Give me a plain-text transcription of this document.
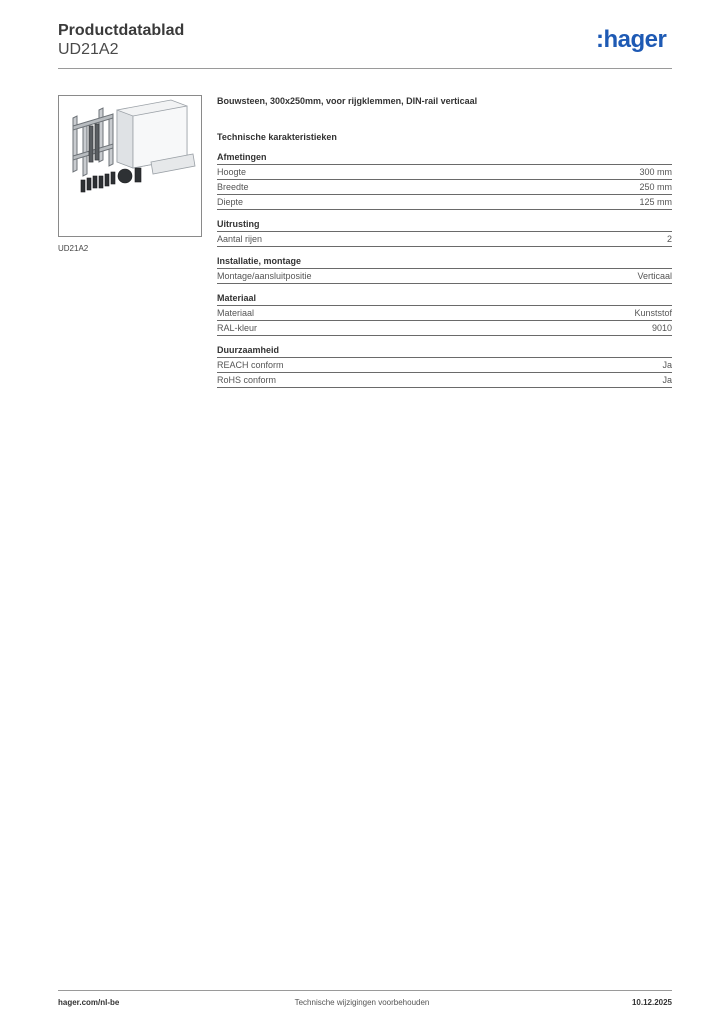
Productdatablad
UD21A2	:hager
UD21A2
Bouwsteen, 300x250mm, voor rijgklemmen, DIN-rail verticaal
Technische karakteristieken
Afmetingen
Hoogte	300 mm
Breedte	250 mm
Diepte	125 mm
Uitrusting
Aantal rijen	2
Installatie, montage
Montage/aansluitpositie	Verticaal
Materiaal
Materiaal	Kunststof
RAL-kleur	9010
Duurzaamheid
REACH conform	Ja
RoHS conform	Ja
hager.com/nl-be	Technische wijzigingen voorbehouden	10.12.2025
